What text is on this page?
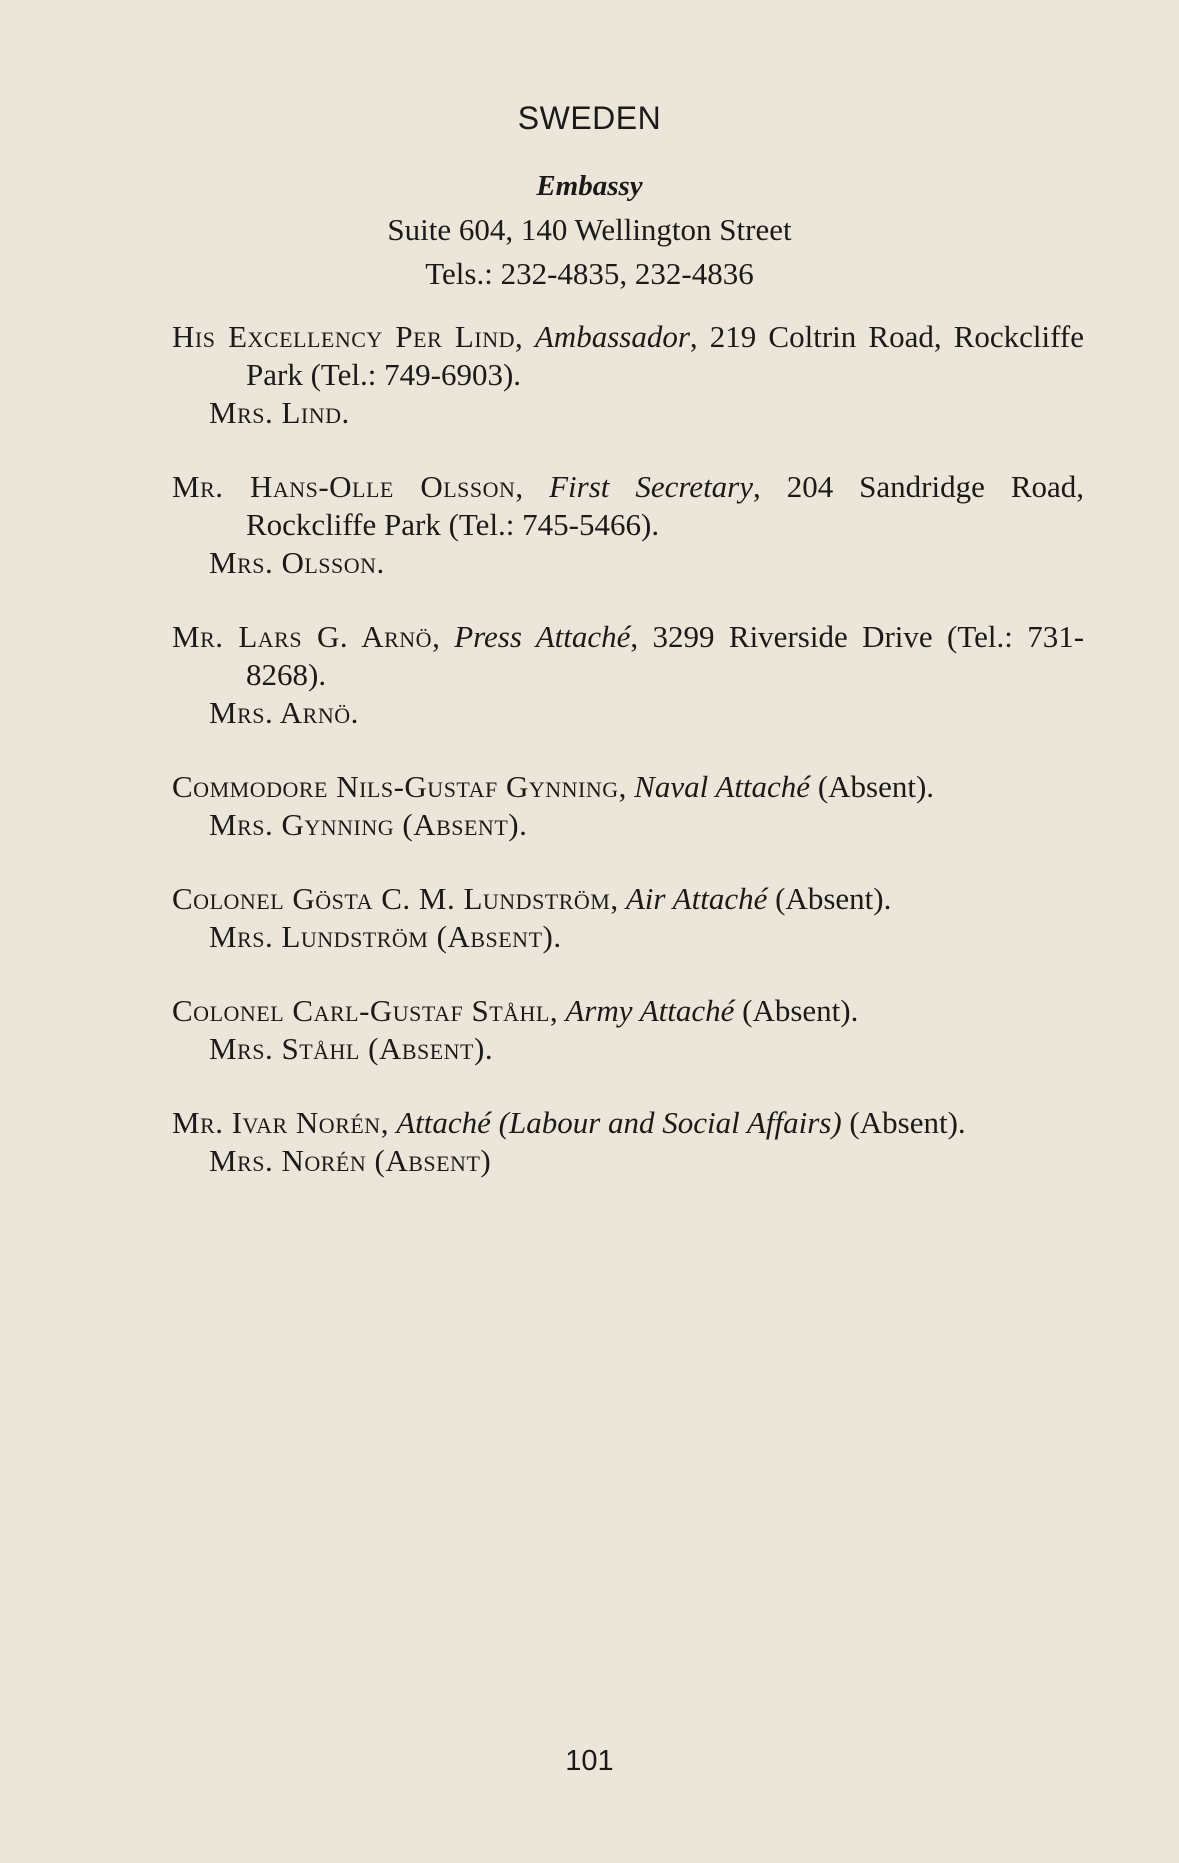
SWEDEN
Embassy
Suite 604, 140 Wellington Street
Tels.: 232-4835, 232-4836
His Excellency Per Lind, Ambassador, 219 Coltrin Road, Rockcliffe Park (Tel.: 749-6903).
Mrs. Lind.
Mr. Hans-Olle Olsson, First Secretary, 204 Sandridge Road, Rockcliffe Park (Tel.: 745-5466).
Mrs. Olsson.
Mr. Lars G. Arnö, Press Attaché, 3299 Riverside Drive (Tel.: 731-8268).
Mrs. Arnö.
Commodore Nils-Gustaf Gynning, Naval Attaché (Absent).
Mrs. Gynning (Absent).
Colonel Gösta C. M. Lundström, Air Attaché (Absent).
Mrs. Lundström (Absent).
Colonel Carl-Gustaf Ståhl, Army Attaché (Absent).
Mrs. Ståhl (Absent).
Mr. Ivar Norén, Attaché (Labour and Social Affairs) (Absent).
Mrs. Norén (Absent)
101
